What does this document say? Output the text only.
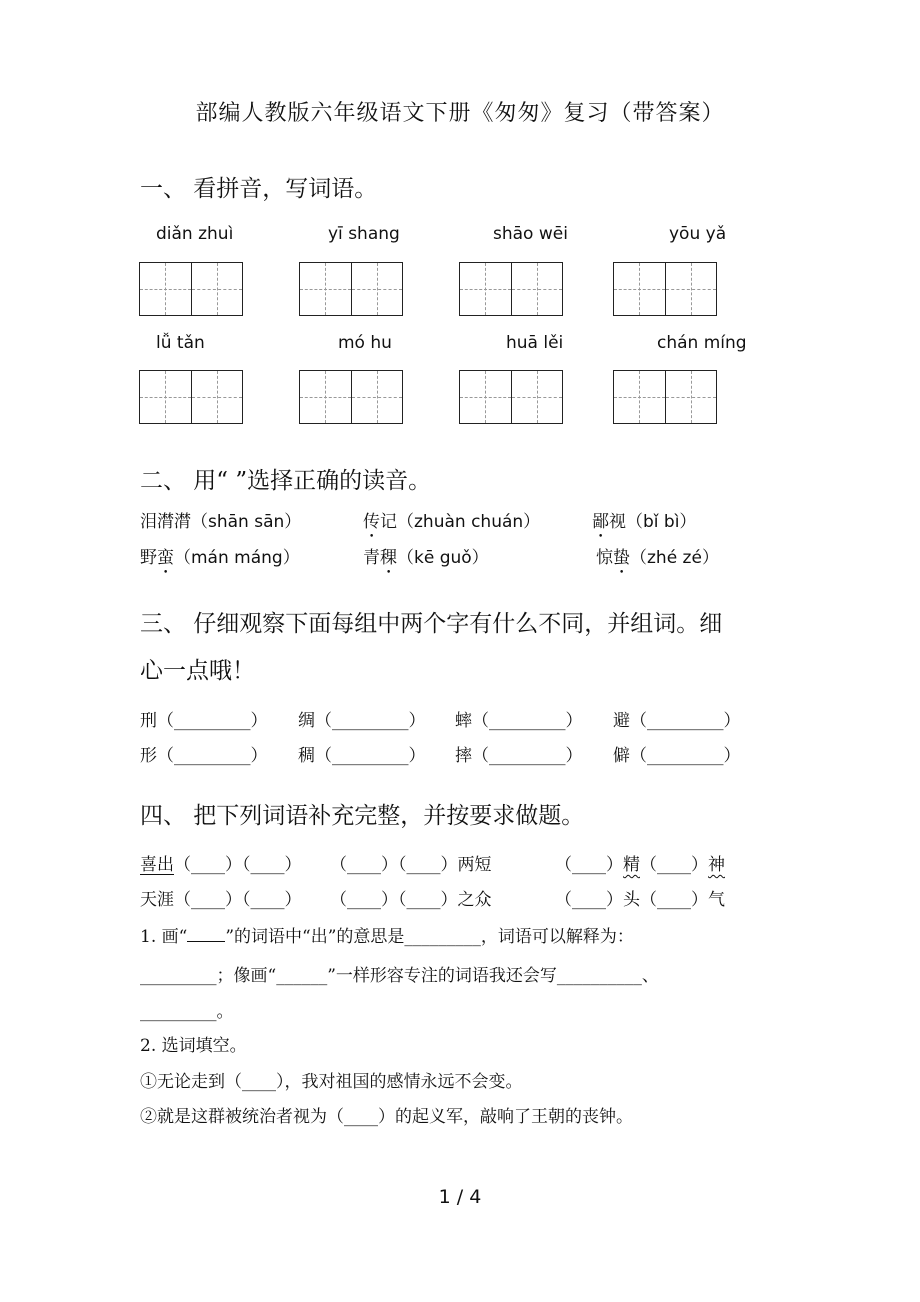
部编人教版六年级语文下册《匆匆》复习（带答案）
一、 看拼音，写词语。
diǎn zhuì	yī shang	shāo wēi	yōu yǎ
lǚ tǎn	mó hu	huā lěi	chán míng
二、 用“ ”选择正确的读音。
泪潸潸（shān sān）	传记（zhuàn chuán）	鄙视（bǐ bì）
野蛮（mán máng）	青稞（kē guǒ）	惊蛰（zhé zé）
三、 仔细观察下面每组中两个字有什么不同，并组词。细
心一点哦！
刑（_________） 绸（_________） 蟀（_________） 避（_________）
形（_________） 稠（_________） 摔（_________） 僻（_________）
四、 把下列词语补充完整，并按要求做题。
喜出（____）（____） （____）（____）两短	（____）精（____）神
天涯（____）（____） （____）（____）之众	（____）头（____）气
1. 画“ ”的词语中“出”的意思是_________，词语可以解释为：
_________；像画“______”一样形容专注的词语我还会写__________、
_________。
2. 选词填空。
①无论走到（____），我对祖国的感情永远不会变。
②就是这群被统治者视为（____）的起义军，敲响了王朝的丧钟。
1 / 4
